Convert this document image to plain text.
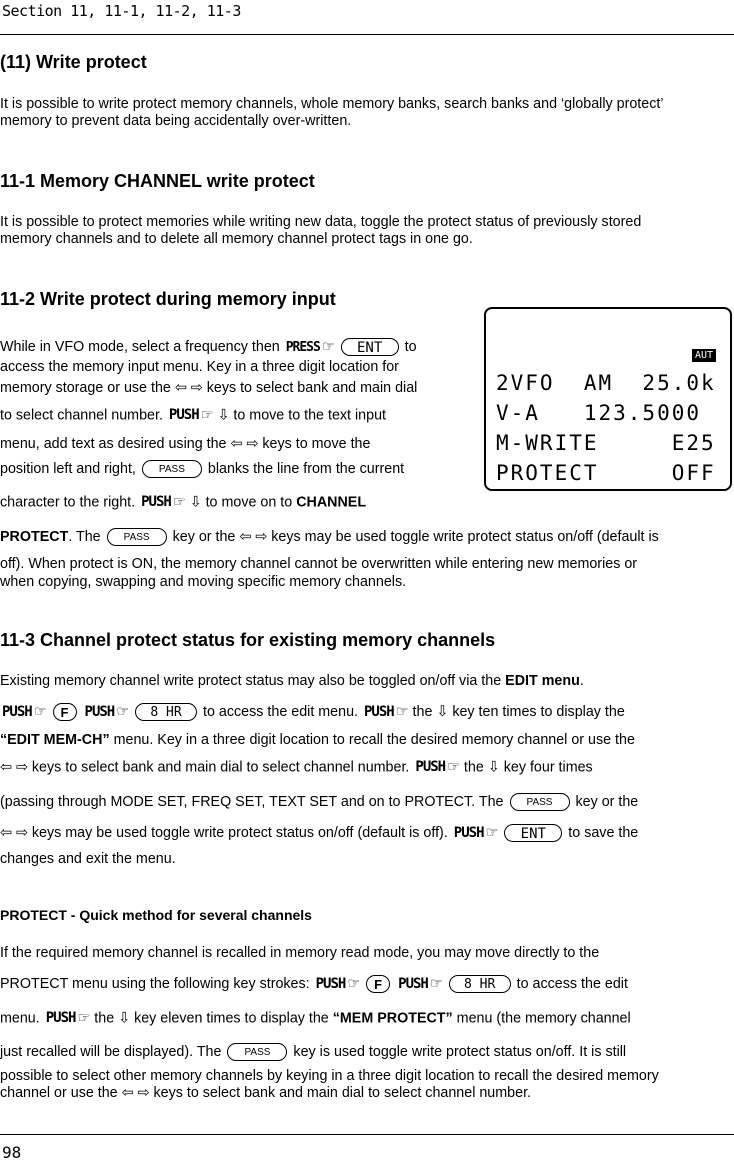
Section 11, 11-1, 11-2, 11-3
(11) Write protect
It is possible to write protect memory channels, whole memory banks, search banks and ‘globally protect’
memory to prevent data being accidentally over-written.
11-1 Memory CHANNEL write protect
It is possible to protect memories while writing new data, toggle the protect status of previously stored
memory channels and to delete all memory channel protect tags in one go.
11-2 Write protect during memory input
While in VFO mode, select a frequency then PRESS ☞ ENT to
access the memory input menu. Key in a three digit location for
memory storage or use the ⇦ ⇨ keys to select bank and main dial
to select channel number. PUSH ☞ ⇩ to move to the text input
menu, add text as desired using the ⇦ ⇨ keys to move the
position left and right, PASS blanks the line from the current
character to the right. PUSH ☞ ⇩ to move on to CHANNEL
PROTECT. The PASS key or the ⇦ ⇨ keys may be used toggle write protect status on/off (default is
off). When protect is ON, the memory channel cannot be overwritten while entering new memories or
when copying, swapping and moving specific memory channels.
AUT
2VFO  AM  25.0k
V-A   123.5000
M-WRITE     E25
PROTECT     OFF
11-3 Channel protect status for existing memory channels
Existing memory channel write protect status may also be toggled on/off via the EDIT menu.
PUSH ☞ F PUSH ☞ 8 HR to access the edit menu. PUSH ☞ the ⇩ key ten times to display the
“EDIT MEM-CH” menu. Key in a three digit location to recall the desired memory channel or use the
⇦ ⇨ keys to select bank and main dial to select channel number. PUSH ☞ the ⇩ key four times
(passing through MODE SET, FREQ SET, TEXT SET and on to PROTECT. The PASS key or the
⇦ ⇨ keys may be used toggle write protect status on/off (default is off). PUSH ☞ ENT to save the
changes and exit the menu.
PROTECT - Quick method for several channels
If the required memory channel is recalled in memory read mode, you may move directly to the
PROTECT menu using the following key strokes: PUSH ☞ F PUSH ☞ 8 HR to access the edit
menu. PUSH ☞ the ⇩ key eleven times to display the “MEM PROTECT” menu (the memory channel
just recalled will be displayed). The PASS key is used toggle write protect status on/off. It is still
possible to select other memory channels by keying in a three digit location to recall the desired memory
channel or use the ⇦ ⇨ keys to select bank and main dial to select channel number.
98
